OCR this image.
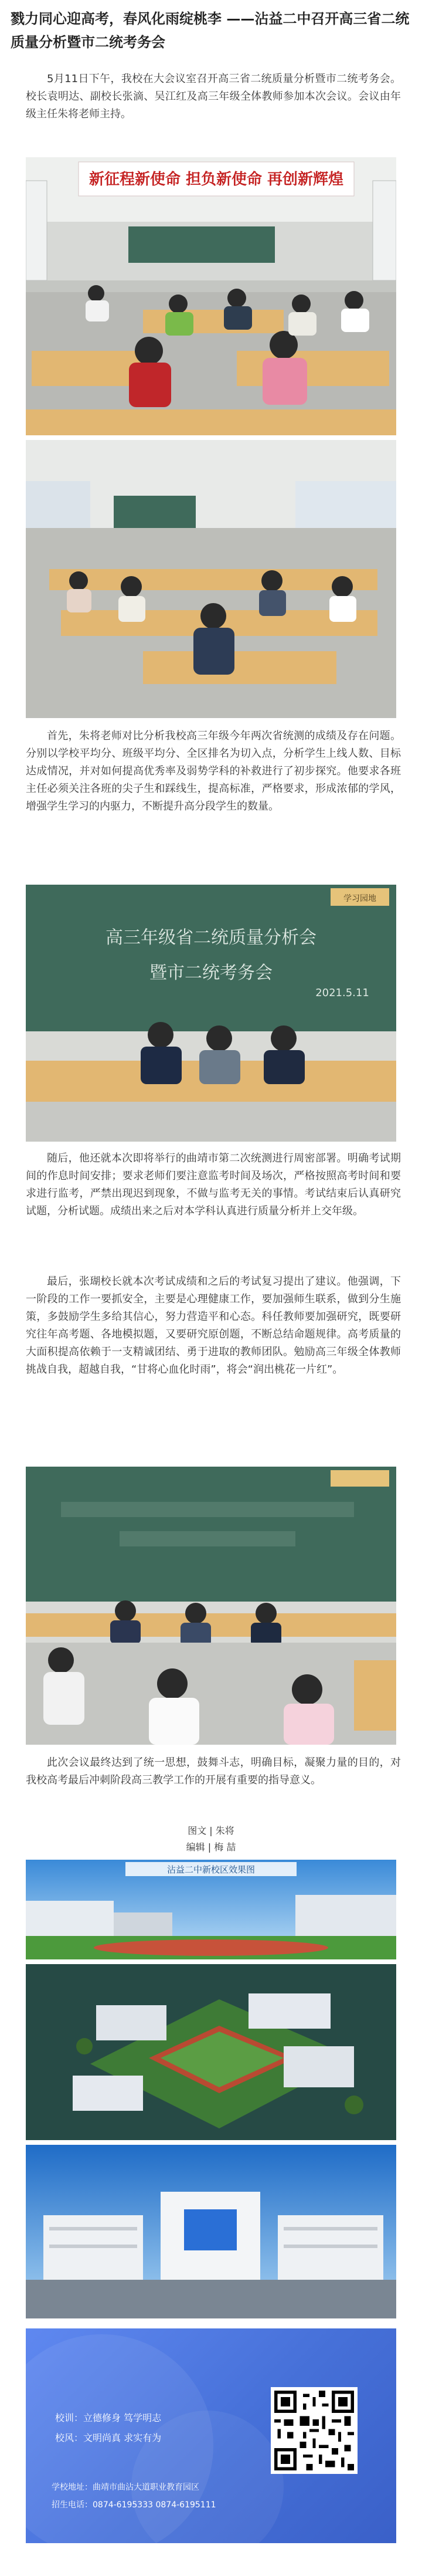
戮力同心迎高考，春风化雨绽桃李 ——沾益二中召开高三省二统质量分析暨市二统考务会

5月11日下午，我校在大会议室召开高三省二统质量分析暨市二统考务会。校长袁明达、副校长张滴、吴江红及高三年级全体教师参加本次会议。会议由年级主任朱将老师主持。

新征程新使命 担负新使命 再创新辉煌

首先，朱将老师对比分析我校高三年级今年两次省统测的成绩及存在问题。分别以学校平均分、班级平均分、全区排名为切入点，分析学生上线人数、目标达成情况，并对如何提高优秀率及弱势学科的补救进行了初步探究。他要求各班主任必须关注各班的尖子生和踩线生，提高标准，严格要求，形成浓郁的学风，增强学生学习的内驱力，不断提升高分段学生的数量。

学习园地
高三年级省二统质量分析会
暨市二统考务会
2021.5.11

随后，他还就本次即将举行的曲靖市第二次统测进行周密部署。明确考试期间的作息时间安排；要求老师们要注意监考时间及场次，严格按照高考时间和要求进行监考，严禁出现迟到现象，不做与监考无关的事情。考试结束后认真研究试题，分析试题。成绩出来之后对本学科认真进行质量分析并上交年级。

最后，张瑚校长就本次考试成绩和之后的考试复习提出了建议。他强调，下一阶段的工作一要抓安全，主要是心理健康工作，要加强师生联系，做到分生施策，多鼓励学生多给其信心，努力营造平和心态。科任教师要加强研究，既要研究往年高考题、各地模拟题，又要研究原创题，不断总结命题规律。高考质量的大面积提高依赖于一支精诚团结、勇于进取的教师团队。勉励高三年级全体教师挑战自我，超越自我，“甘将心血化时雨”，将会“润出桃花一片红”。

此次会议最终达到了统一思想，鼓舞斗志，明确目标，凝聚力量的目的，对我校高考最后冲刺阶段高三教学工作的开展有重要的指导意义。

图文 | 朱将

编辑 | 梅 喆

沾益二中新校区效果图
校训：立德修身 笃学明志
校风：文明尚真 求实有为
学校地址：曲靖市曲沾大道职业教育园区
招生电话：0874-6195333 0874-6195111
